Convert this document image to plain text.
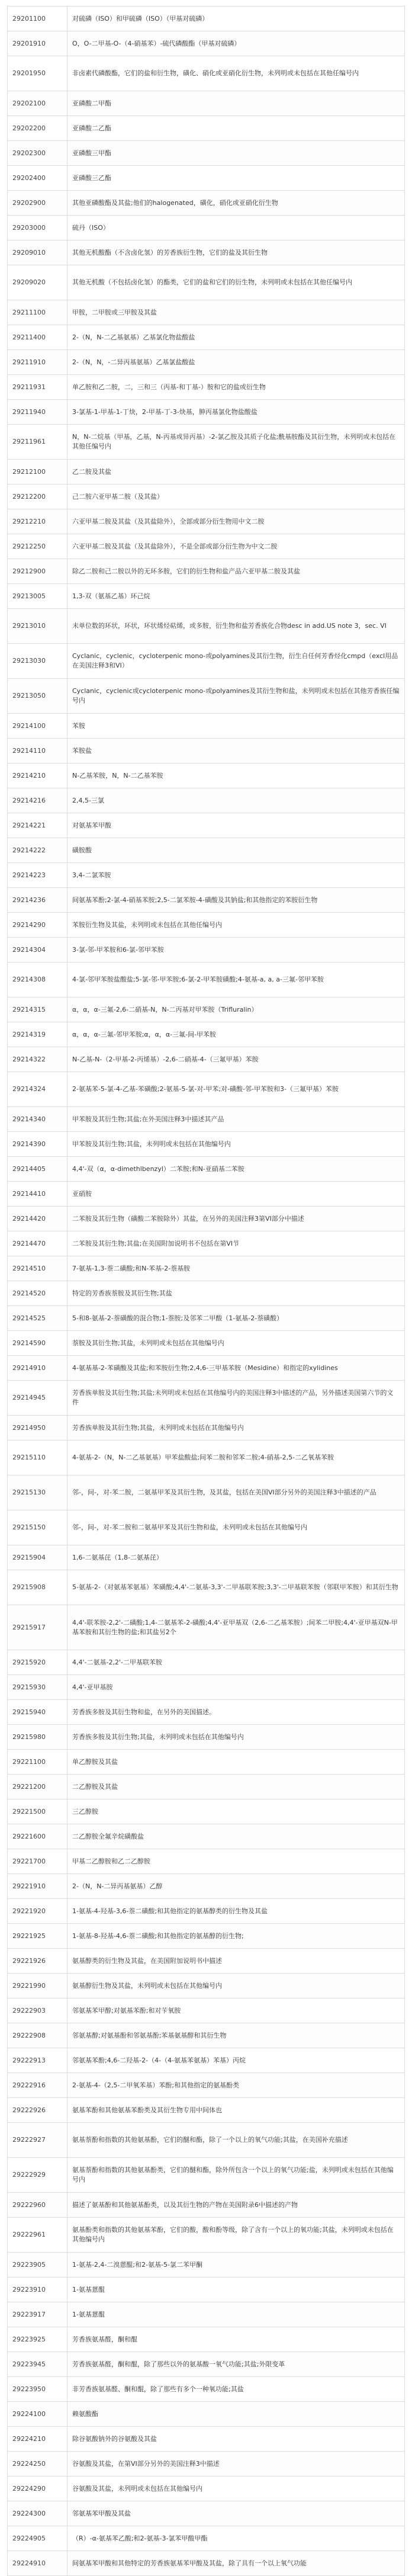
29201100	对硫磷（ISO）和甲硫磷（ISO）（甲基对硫磷）
29201910	O，O-二甲基-O-（4-硝基苯）-硫代磷酸酯（甲基对硫磷）
29201950	非卤素代磷酸酯，它们的盐和衍生物，磺化、硝化或亚硝化衍生物，未列明或未包括在其他任编号内
29202100	亚磷酸二甲酯
29202200	亚磷酸二乙酯
29202300	亚磷酸三甲酯
29202400	亚磷酸三乙酯
29202900	其他亚磷酸酯及其盐;他们的halogenated，磺化，硝化或亚硝化衍生物
29203000	硫丹（ISO）
29209010	其他无机酸酯（不含卤化氢）的芳香族衍生物，它们的盐及其衍生物
29209020	其他无机酸（不包括卤化氢）的酯类，它们的盐和它们的衍生物，未列明或未包括在其他任编号内
29211100	甲胺，二甲胺或三甲胺及其盐
29211400	2-（N，N-二乙基氨基）乙基氯化物盐酸盐
29211910	2-（N，N，-二异丙基氨基）乙基氯盐酸盐
29211931	单乙胺和乙二胺，二，三和三（丙基-和丁基-）胺和它的盐或衍生物
29211940	3-氯基-1-甲基-1-丁炔，2-甲基-丁-3-炔基，胂丙基氯化物盐酸盐
29211961	N，N-二烷基（甲基，乙基，N-丙基或异丙基）-2-氯乙胺及其质子化盐;酰基胺酯及其衍生物，未列明或未包括在其他任编号内
29212100	乙二胺及其盐
29212200	己二胺六亚甲基二胺（及其盐）
29212210	六亚甲基二胺及其盐（及其盐除外），全部或部分衍生物用中文二胺
29212250	六亚甲基二胺及其盐（及其盐除外），不是全部或部分衍生物为中文二胺
29212900	除乙二胺和己二胺以外的无环多胺，它们的衍生物和盐产品六亚甲基二胺及其盐
29213005	1,3-双（氨基乙基）环己烷
29213010	未单位数的环状，环状，环状烯烃萜烯，或多胺，衍生物和盐芳香族化合物desc in add.US note 3，sec. VI
29213030	Cyclanic，cyclenic，cycloterpenic mono-或polyamines及其衍生物，衍生自任何芳香烃化cmpd（excl用品在美国注释3和VI）
29213050	Cyclanic，cyclenic或cycloterpenic mono-或polyamines及其衍生物和盐，未列明或未包括在其他芳香族任编号内
29214100	苯胺
29214110	苯胺盐
29214210	N-乙基苯胺，N，N-二乙基苯胺
29214216	2,4,5-三氯
29214221	对氨基苯甲酸
29214222	磺胺酸
29214223	3,4-二氯苯胺
29214236	间氨基苯酚;2-氯-4-硝基苯胺;2,5-二氯苯胺-4-磺酸及其钠盐;和其他指定的苯胺衍生物
29214290	苯胺衍生物及其盐，未列明或未包括在其他任编号内
29214304	3-氯-邻-甲苯胺和6-氯-邻甲苯胺
29214308	4-氯-邻甲苯胺盐酸盐;5-氯-邻-甲苯胺;6-氯-2-甲苯胺磺酸;4-氨基-a, a, a-三氟-邻甲苯胺
29214315	α，α，α-三氟-2,6-二硝基-N，N-二丙基对甲苯胺（Trifluralin）
29214319	α，α，α-三氟-邻甲苯胺;α，α，α-三氟-间-甲苯胺
29214322	N-乙基-N-（2-甲基-2-丙烯基）-2,6-二硝基-4-（三氟甲基）苯胺
29214324	2-氨基苯-5-氯-4-乙基-苯磺酸;2-氨基-5-氯-对-甲苯;对-磺酸-邻-甲苯胺和3-（三氟甲基）苯胺
29214340	甲苯胺及其衍生物;其盐;在外美国注释3中描述其产品
29214390	甲苯胺及其衍生物;其盐，未列明或未包括在其他编号内
29214405	4,4'-双（α，α-dimethlbenzyl）二苯胺;和N-亚硝基二苯胺
29214410	亚硝胺
29214420	二苯胺及其衍生物（磺酸二苯胺除外）其盐，在另外的美国注释3第VI部分中描述
29214470	二苯胺及其衍生物;其盐;在美国附加说明书不包括在第VI节
29214510	7-氨基-1,3-萘二磺酸;和N-苯基-2-萘基胺
29214520	特定的芳香族萘胺及其衍生物;其盐
29214525	5-和8-氨基-2-萘磺酸的混合物;1-萘胺;及邻苯二甲酸（1-氨基-2-萘磺酸）
29214590	萘胺及其衍生物;其盐，未列明或未包括在其他编号内
29214910	4-氨基基-2-苯磺酸及其盐;和苯胺衍生物;2,4,6-三甲基苯胺（Mesidine）和指定的xylidines
29214945	芳香族单胺及其衍生物;其盐;未列明或未包括在其他编号内的美国注释3中描述的产品，另外描述美国第六节的文件
29214950	芳香族单胺及其衍生物;其盐，未列明或未包括在其他编号内
29215110	4-氨基-2-（N，N-二乙基氨基）甲苯盐酸盐;间苯二胺和邻苯二胺;4-硝基-2,5-二乙氧基苯胺
29215130	邻-，间-，对-苯二胺，二氨基甲苯及其衍生物，及其盐，包括在美国VI部分另外的美国注释3中描述的产品
29215150	邻-，间-，对-苯二胺和二氨基甲苯及其衍生物和盐，未列明或未包括在其他编号内
29215904	1,6-二氨基芘（1,8-二氨基芘）
29215908	5-氨基-2-（对氨基苯氨基）苯磺酸;4,4'-二氨基-3,3'-二甲基联苯胺;3,3'-二甲基联苯胺（邻联甲苯胺）和其衍生物
29215917	4,4'-联苯胺-2,2'-二磺酸;1,4-二氨基苯-2-磺酸;4,4'-亚甲基双（2,6-二乙基苯胺）;间苯二甲胺;4,4'-亚甲基双N-甲基苯胺和其衍生物的盐;和其盐另2个
29215920	4,4'-二氨基-2,2'-二甲基联苯胺
29215930	4,4'-亚甲基胺
29215940	芳香族多胺及其衍生物和盐，在另外的美国描述。
29215980	芳香族多胺及其衍生物;其盐，未列明或未包括在其他编号内
29221100	单乙醇胺及其盐
29221200	二乙醇胺及其盐
29221500	三乙醇胺
29221600	二乙醇胺全氟辛烷磺酸盐
29221700	甲基二乙醇胺和乙二乙醇胺
29221910	2-（N，N-二异丙基氨基）乙醇
29221920	1-氨基-4-羟基-3,6-萘二磺酸;和其他指定的氨基醇类的衍生物及其盐
29221925	1-氨基-8-羟基-4,6-萘二磺酸;和其他指定的氨基醇的衍生物;
29221926	氨基醇类的衍生物及其盐，在美国附加说明书中描述
29221990	氨基醇衍生物及其盐，未列明或未包括在其他编号内
29222903	邻氨基苯甲醇;对氨基苯酚;和对苄氧胺
29222908	邻氨基醇;对氨基酚和邻氨基酚;苯基氨基醇和其衍生物
29222913	邻氨基苯酚;4,6-二羟基-2-（4-（4-氨基苯氨基）苯基）丙烷
29222916	2-氨基-4-（2,5-二甲氧苯基）苯酚;和其他指定的氨基酚类
29222926	氨基苯酚和其他氨基苯酚类及其衍生物专用中间体也
29222927	氨基萘酚和指数的其他氨基酚，它们的醚和酯，除了一个以上的氧气功能;其盐，在美国补充描述
29222929	氨基萘酚和指数的其他氨基酚类，它们的醚和酯，除外所包含一个以上的氧气功能;盐，未列明或未包括在其他编号内
29222960	描述了氨基酚和其他氨基酚类，以及其衍生物的产物在美国附录6中描述的产物
29222961	氨基酚类和指数的其他氨基苯酚，它们的酸，酸和酚等级，除了含有一个以上的氧功能;其盐，未列明或未包括在其他编号内
29223905	1-氨基-2,4-二溴蒽醌;和2-氨基-5-氯二苯甲酮
29223910	1-氨基蒽醌
29223917	1-氨基蒽醌
29223925	芳香族氨基醛，酮和醌
29223945	芳香族氨基醛，酮和醌，除了那些以外的氨基酸一氧气功能;其盐;外限变革
29223950	非芳香族氨基醛、酮和醌，除了那些有多个一种氧功能;其盐
29224100	赖氨酸酯
29224210	除谷氨酸钠外的谷氨酸及其盐
29224250	谷氨酸及其盐，在第VI部分另外的美国注释3中描述
29224290	谷氨酸及其盐，未列明或未包括在其他编号内
29224300	邻氨基苯甲酸及其盐
29224905	（R）-α-氨基苯乙酸;和2-氨基-3-氯苯甲酸甲酯
29224910	间氨基苯甲酸和其他特定的芳香族氨基苯甲酸及其盐，除了具有一个以上氧气功能
